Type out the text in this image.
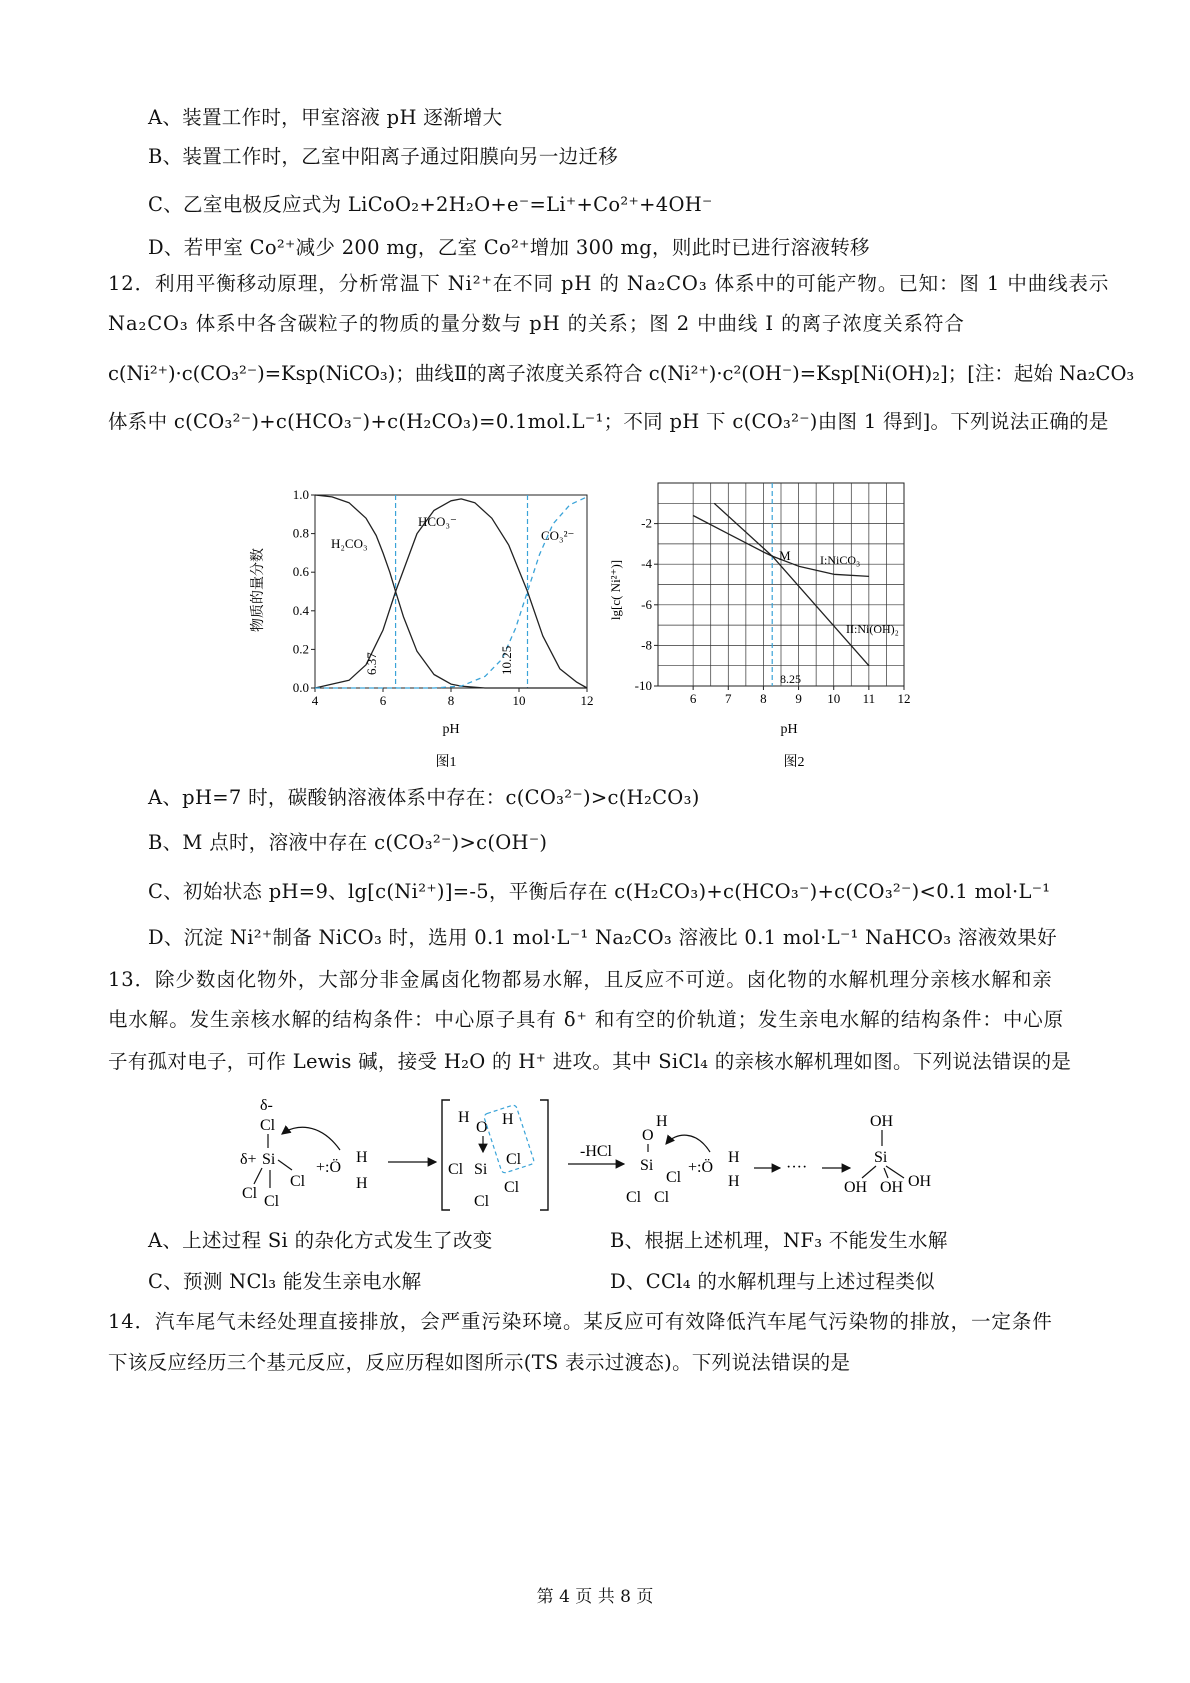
A、装置工作时，甲室溶液 pH 逐渐增大
B、装置工作时，乙室中阳离子通过阳膜向另一边迁移
C、乙室电极反应式为 LiCoO₂+2H₂O+e⁻=Li⁺+Co²⁺+4OH⁻
D、若甲室 Co²⁺减少 200 mg，乙室 Co²⁺增加 300 mg，则此时已进行溶液转移
12．利用平衡移动原理，分析常温下 Ni²⁺在不同 pH 的 Na₂CO₃ 体系中的可能产物。已知：图 1 中曲线表示
Na₂CO₃ 体系中各含碳粒子的物质的量分数与 pH 的关系；图 2 中曲线 I 的离子浓度关系符合
c(Ni²⁺)·c(CO₃²⁻)=Ksp(NiCO₃)；曲线Ⅱ的离子浓度关系符合 c(Ni²⁺)·c²(OH⁻)=Ksp[Ni(OH)₂]；[注：起始 Na₂CO₃
体系中 c(CO₃²⁻)+c(HCO₃⁻)+c(H₂CO₃)=0.1mol.L⁻¹；不同 pH 下 c(CO₃²⁻)由图 1 得到]。下列说法正确的是
4	6	8	10	12
0.0
0.2
0.4
0.6
0.8
1.0
物质的量分数
pH
H₂CO₃
HCO₃⁻
CO₃²⁻
6.37	10.25
图1
6 7 8 9 10 11 12
-2
-4
-6
-8
-10
lg[c( Ni²⁺)]
pH
M I:NiCO₃
II:Ni(OH)₂
8.25
图2
A、pH=7 时，碳酸钠溶液体系中存在：c(CO₃²⁻)>c(H₂CO₃)
B、M 点时，溶液中存在 c(CO₃²⁻)>c(OH⁻)
C、初始状态 pH=9、lg[c(Ni²⁺)]=-5，平衡后存在 c(H₂CO₃)+c(HCO₃⁻)+c(CO₃²⁻)<0.1 mol·L⁻¹
D、沉淀 Ni²⁺制备 NiCO₃ 时，选用 0.1 mol·L⁻¹ Na₂CO₃ 溶液比 0.1 mol·L⁻¹ NaHCO₃ 溶液效果好
13．除少数卤化物外，大部分非金属卤化物都易水解，且反应不可逆。卤化物的水解机理分亲核水解和亲
电水解。发生亲核水解的结构条件：中心原子具有 δ⁺ 和有空的价轨道；发生亲电水解的结构条件：中心原
子有孤对电子，可作 Lewis 碱，接受 H₂O 的 H⁺ 进攻。其中 SiCl₄ 的亲核水解机理如图。下列说法错误的是
δ-
Cl
δ+ Si
Cl
Cl Cl
+:Ö
H
H
H
O H
Cl Si
Cl
Cl
Cl
-HCl
O
H
Si
Cl
Cl Cl
+:Ö
H
H
····
OH
Si
OH
OH OH
A、上述过程 Si 的杂化方式发生了改变	B、根据上述机理，NF₃ 不能发生水解
C、预测 NCl₃ 能发生亲电水解	D、CCl₄ 的水解机理与上述过程类似
14．汽车尾气未经处理直接排放，会严重污染环境。某反应可有效降低汽车尾气污染物的排放，一定条件
下该反应经历三个基元反应，反应历程如图所示(TS 表示过渡态)。下列说法错误的是
第 4 页 共 8 页
